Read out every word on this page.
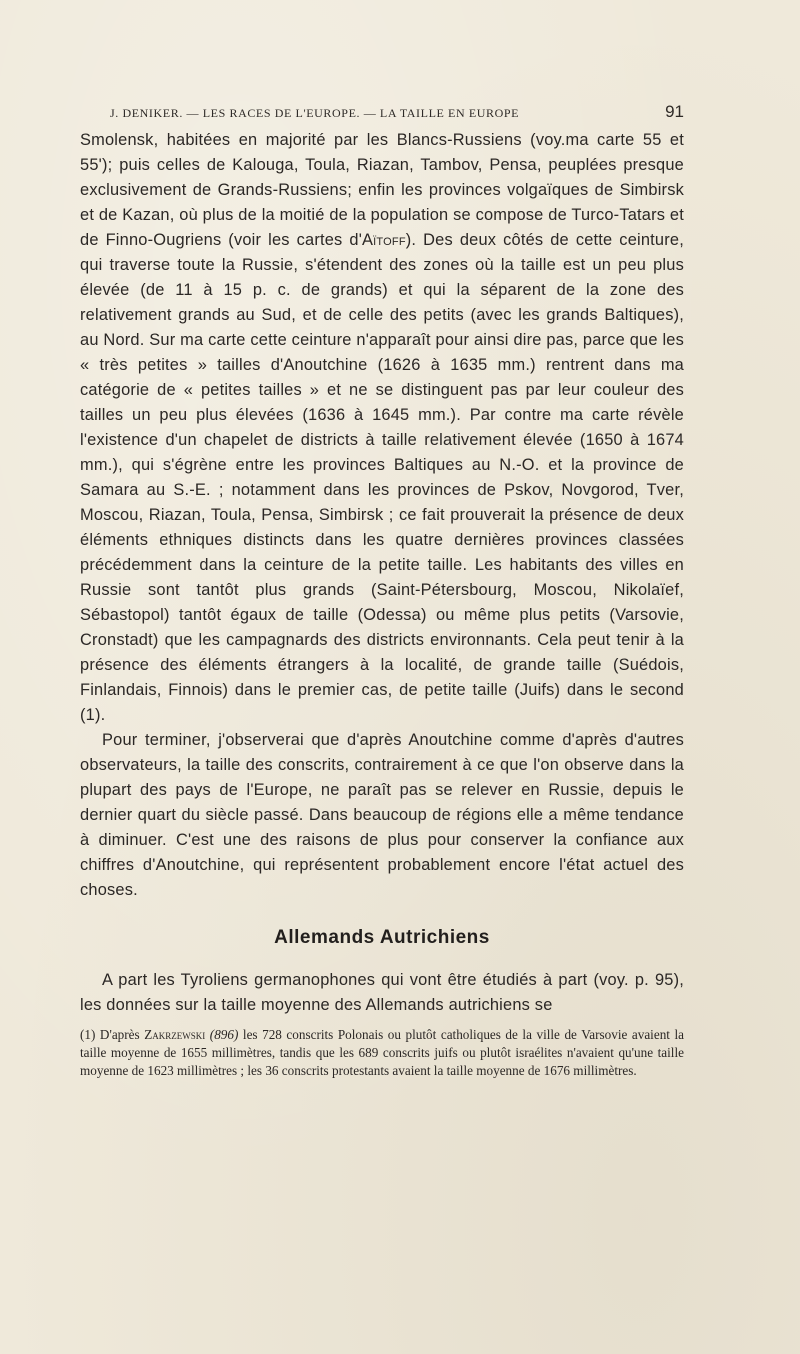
J. DENIKER. — LES RACES DE L'EUROPE. — LA TAILLE EN EUROPE	91

Smolensk, habitées en majorité par les Blancs-Russiens (voy.ma carte 55 et 55'); puis celles de Kalouga, Toula, Riazan, Tambov, Pensa, peuplées presque exclusivement de Grands-Russiens; enfin les provinces volgaïques de Simbirsk et de Kazan, où plus de la moitié de la population se compose de Turco-Tatars et de Finno-Ougriens (voir les cartes d'Aïtoff). Des deux côtés de cette ceinture, qui traverse toute la Russie, s'étendent des zones où la taille est un peu plus élevée (de 11 à 15 p. c. de grands) et qui la séparent de la zone des relativement grands au Sud, et de celle des petits (avec les grands Baltiques), au Nord. Sur ma carte cette ceinture n'apparaît pour ainsi dire pas, parce que les « très petites » tailles d'Anoutchine (1626 à 1635 mm.) rentrent dans ma catégorie de « petites tailles » et ne se distinguent pas par leur couleur des tailles un peu plus élevées (1636 à 1645 mm.). Par contre ma carte révèle l'existence d'un chapelet de districts à taille relativement élevée (1650 à 1674 mm.), qui s'égrène entre les provinces Baltiques au N.-O. et la province de Samara au S.-E. ; notamment dans les provinces de Pskov, Novgorod, Tver, Moscou, Riazan, Toula, Pensa, Simbirsk ; ce fait prouverait la présence de deux éléments ethniques distincts dans les quatre dernières provinces classées précédemment dans la ceinture de la petite taille. Les habitants des villes en Russie sont tantôt plus grands (Saint-Pétersbourg, Moscou, Nikolaïef, Sébastopol) tantôt égaux de taille (Odessa) ou même plus petits (Varsovie, Cronstadt) que les campagnards des districts environnants. Cela peut tenir à la présence des éléments étrangers à la localité, de grande taille (Suédois, Finlandais, Finnois) dans le premier cas, de petite taille (Juifs) dans le second (1).

Pour terminer, j'observerai que d'après Anoutchine comme d'après d'autres observateurs, la taille des conscrits, contrairement à ce que l'on observe dans la plupart des pays de l'Europe, ne paraît pas se relever en Russie, depuis le dernier quart du siècle passé. Dans beaucoup de régions elle a même tendance à diminuer. C'est une des raisons de plus pour conserver la confiance aux chiffres d'Anoutchine, qui représentent probablement encore l'état actuel des choses.

Allemands Autrichiens

A part les Tyroliens germanophones qui vont être étudiés à part (voy. p. 95), les données sur la taille moyenne des Allemands autrichiens se

(1) D'après Zakrzewski (896) les 728 conscrits Polonais ou plutôt catholiques de la ville de Varsovie avaient la taille moyenne de 1655 millimètres, tandis que les 689 conscrits juifs ou plutôt israélites n'avaient qu'une taille moyenne de 1623 millimètres ; les 36 conscrits protestants avaient la taille moyenne de 1676 millimètres.
